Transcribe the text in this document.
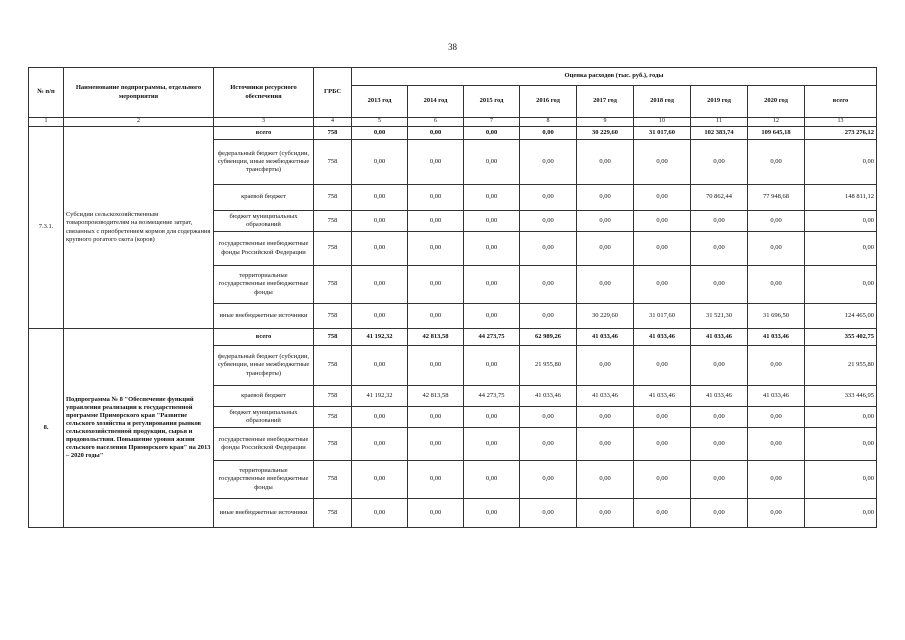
38
№ п/п	Наименование подпрограммы, отдельного мероприятия	Источники ресурсного обеспечения	ГРБС	Оценка расходов (тыс. руб.), годы								
				2013 год	2014 год	2015 год	2016 год	2017 год	2018 год	2019 год	2020 год	всего
1	2	3	4	5	6	7	8	9	10	11	12	13
7.3.1.	Субсидии сельскохозяйственным товаропроизводителям на возмещение затрат, связанных с приобретением кормов для содержания крупного рогатого скота (коров)	всего	758	0,00	0,00	0,00	0,00	30 229,60	31 017,60	102 383,74	109 645,18	273 276,12
		федеральный бюджет (субсидии, субвенции, иные межбюджетные трансферты)	758	0,00	0,00	0,00	0,00	0,00	0,00	0,00	0,00	0,00
		краевой бюджет	758	0,00	0,00	0,00	0,00	0,00	0,00	70 862,44	77 948,68	148 811,12
		бюджет муниципальных образований	758	0,00	0,00	0,00	0,00	0,00	0,00	0,00	0,00	0,00
		государственные внебюджетные фонды Российской Федерации	758	0,00	0,00	0,00	0,00	0,00	0,00	0,00	0,00	0,00
		территориальные государственные внебюджетные фонды	758	0,00	0,00	0,00	0,00	0,00	0,00	0,00	0,00	0,00
		иные внебюджетные источники	758	0,00	0,00	0,00	0,00	30 229,60	31 017,60	31 521,30	31 696,50	124 465,00
8.	Подпрограмма № 8 "Обеспечение функций управления реализации к государственной программе Приморского края "Развитие сельского хозяйства и регулирования рынков сельскохозяйственной продукции, сырья и продовольствия. Повышение уровня жизни сельского населения Приморского края" на 2013 – 2020 годы"	всего	758	41 192,32	42 813,58	44 273,75	62 989,26	41 033,46	41 033,46	41 033,46	41 033,46	355 402,75
		федеральный бюджет (субсидии, субвенции, иные межбюджетные трансферты)	758	0,00	0,00	0,00	21 955,80	0,00	0,00	0,00	0,00	21 955,80
		краевой бюджет	758	41 192,32	42 813,58	44 273,75	41 033,46	41 033,46	41 033,46	41 033,46	41 033,46	333 446,95
		бюджет муниципальных образований	758	0,00	0,00	0,00	0,00	0,00	0,00	0,00	0,00	0,00
		государственные внебюджетные фонды Российской Федерации	758	0,00	0,00	0,00	0,00	0,00	0,00	0,00	0,00	0,00
		территориальные государственные внебюджетные фонды	758	0,00	0,00	0,00	0,00	0,00	0,00	0,00	0,00	0,00
		иные внебюджетные источники	758	0,00	0,00	0,00	0,00	0,00	0,00	0,00	0,00	0,00
